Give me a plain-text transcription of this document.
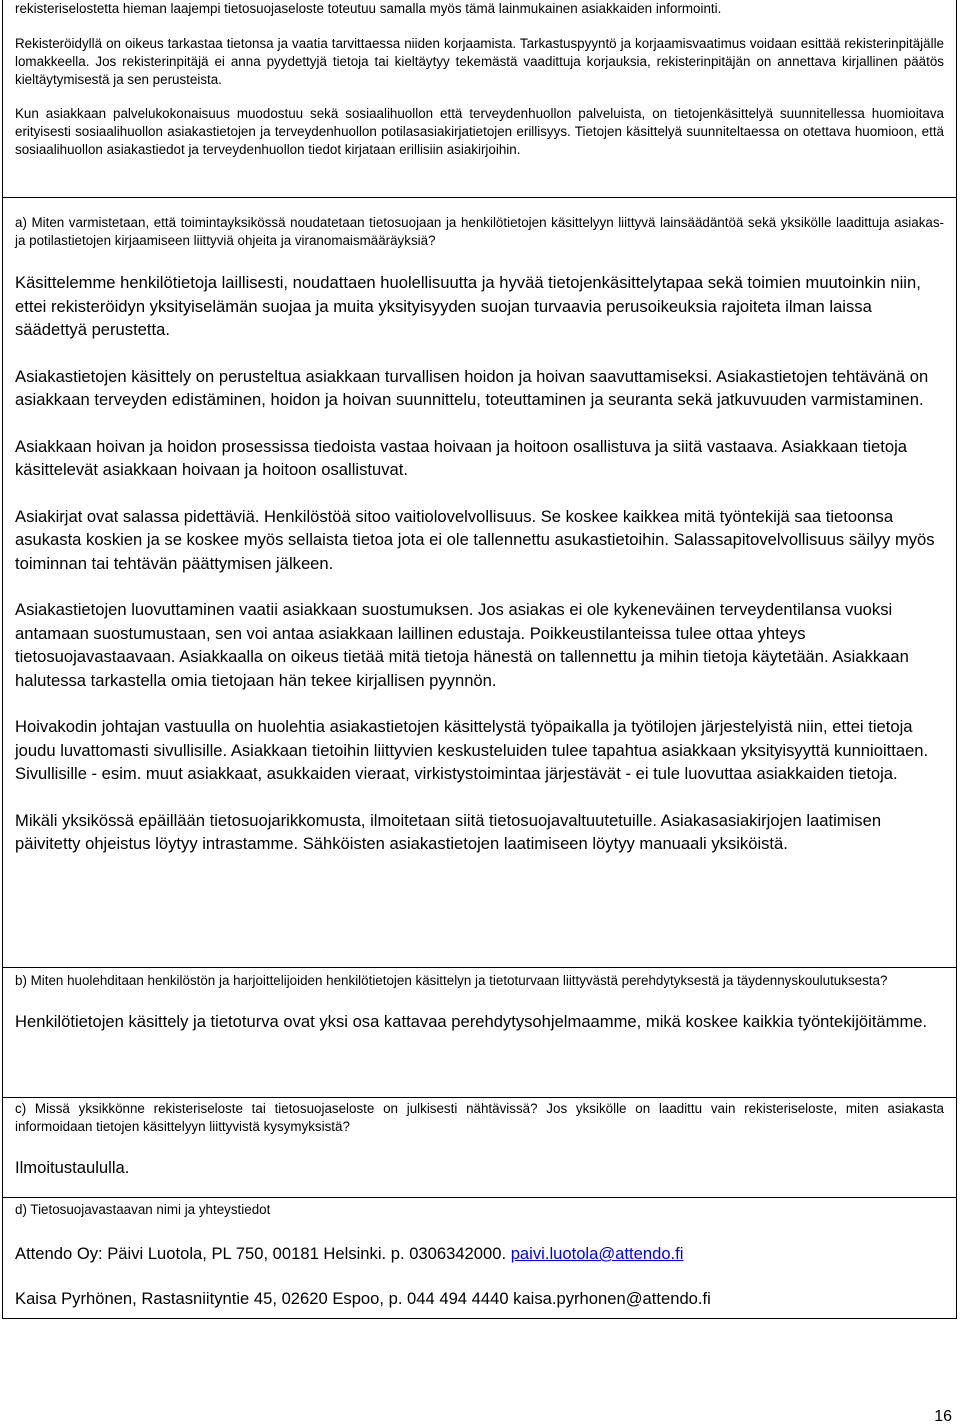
rekisteriselostetta hieman laajempi tietosuojaseloste toteutuu samalla myös tämä lainmukainen asiakkaiden informointi.

Rekisteröidyllä on oikeus tarkastaa tietonsa ja vaatia tarvittaessa niiden korjaamista. Tarkastuspyyntö ja korjaamisvaatimus voidaan esittää rekisterinpitäjälle lomakkeella. Jos rekisterinpitäjä ei anna pyydettyjä tietoja tai kieltäytyy tekemästä vaadittuja korjauksia, rekisterinpitäjän on annettava kirjallinen päätös kieltäytymisestä ja sen perusteista.

Kun asiakkaan palvelukokonaisuus muodostuu sekä sosiaalihuollon että terveydenhuollon palveluista, on tietojenkäsittelyä suunnitellessa huomioitava erityisesti sosiaalihuollon asiakastietojen ja terveydenhuollon potilasasiakirjatietojen erillisyys. Tietojen käsittelyä suunniteltaessa on otettava huomioon, että sosiaalihuollon asiakastiedot ja terveydenhuollon tiedot kirjataan erillisiin asiakirjoihin.

a) Miten varmistetaan, että toimintayksikössä noudatetaan tietosuojaan ja henkilötietojen käsittelyyn liittyvä lainsäädäntöä sekä yksikölle laadittuja asiakas- ja potilastietojen kirjaamiseen liittyviä ohjeita ja viranomaismääräyksiä?

Käsittelemme henkilötietoja laillisesti, noudattaen huolellisuutta ja hyvää tietojenkäsittelytapaa sekä toimien muutoinkin niin, ettei rekisteröidyn yksityiselämän suojaa ja muita yksityisyyden suojan turvaavia perusoikeuksia rajoiteta ilman laissa säädettyä perustetta.

Asiakastietojen käsittely on perusteltua asiakkaan turvallisen hoidon ja hoivan saavuttamiseksi. Asiakastietojen tehtävänä on asiakkaan terveyden edistäminen, hoidon ja hoivan suunnittelu, toteuttaminen ja seuranta sekä jatkuvuuden varmistaminen.

Asiakkaan hoivan ja hoidon prosessissa tiedoista vastaa hoivaan ja hoitoon osallistuva ja siitä vastaava. Asiakkaan tietoja käsittelevät asiakkaan hoivaan ja hoitoon osallistuvat.

Asiakirjat ovat salassa pidettäviä. Henkilöstöä sitoo vaitiolovelvollisuus. Se koskee kaikkea mitä työntekijä saa tietoonsa asukasta koskien ja se koskee myös sellaista tietoa jota ei ole tallennettu asukastietoihin. Salassapitovelvollisuus säilyy myös toiminnan tai tehtävän päättymisen jälkeen.

Asiakastietojen luovuttaminen vaatii asiakkaan suostumuksen. Jos asiakas ei ole kykeneväinen terveydentilansa vuoksi antamaan suostumustaan, sen voi antaa asiakkaan laillinen edustaja. Poikkeustilanteissa tulee ottaa yhteys tietosuojavastaavaan. Asiakkaalla on oikeus tietää mitä tietoja hänestä on tallennettu ja mihin tietoja käytetään. Asiakkaan halutessa tarkastella omia tietojaan hän tekee kirjallisen pyynnön.

Hoivakodin johtajan vastuulla on huolehtia asiakastietojen käsittelystä työpaikalla ja työtilojen järjestelyistä niin, ettei tietoja joudu luvattomasti sivullisille. Asiakkaan tietoihin liittyvien keskusteluiden tulee tapahtua asiakkaan yksityisyyttä kunnioittaen. Sivullisille - esim. muut asiakkaat, asukkaiden vieraat, virkistystoimintaa järjestävät - ei tule luovuttaa asiakkaiden tietoja.

Mikäli yksikössä epäillään tietosuojarikkomusta, ilmoitetaan siitä tietosuojavaltuutetuille. Asiakasasiakirjojen laatimisen päivitetty ohjeistus löytyy intrastamme. Sähköisten asiakastietojen laatimiseen löytyy manuaali yksiköistä.

b) Miten huolehditaan henkilöstön ja harjoittelijoiden henkilötietojen käsittelyn ja tietoturvaan liittyvästä perehdytyksestä ja täydennyskoulutuksesta?

Henkilötietojen käsittely ja tietoturva ovat yksi osa kattavaa perehdytysohjelmaamme, mikä koskee kaikkia työntekijöitämme.

c) Missä yksikkönne rekisteriseloste tai tietosuojaseloste on julkisesti nähtävissä? Jos yksikölle on laadittu vain rekisteriseloste, miten asiakasta informoidaan tietojen käsittelyyn liittyvistä kysymyksistä?

Ilmoitustaululla.

d) Tietosuojavastaavan nimi ja yhteystiedot

Attendo Oy: Päivi Luotola, PL 750, 00181 Helsinki. p. 0306342000. paivi.luotola@attendo.fi

Kaisa Pyrhönen, Rastasniityntie 45, 02620 Espoo, p. 044 494 4440 kaisa.pyrhonen@attendo.fi

16
